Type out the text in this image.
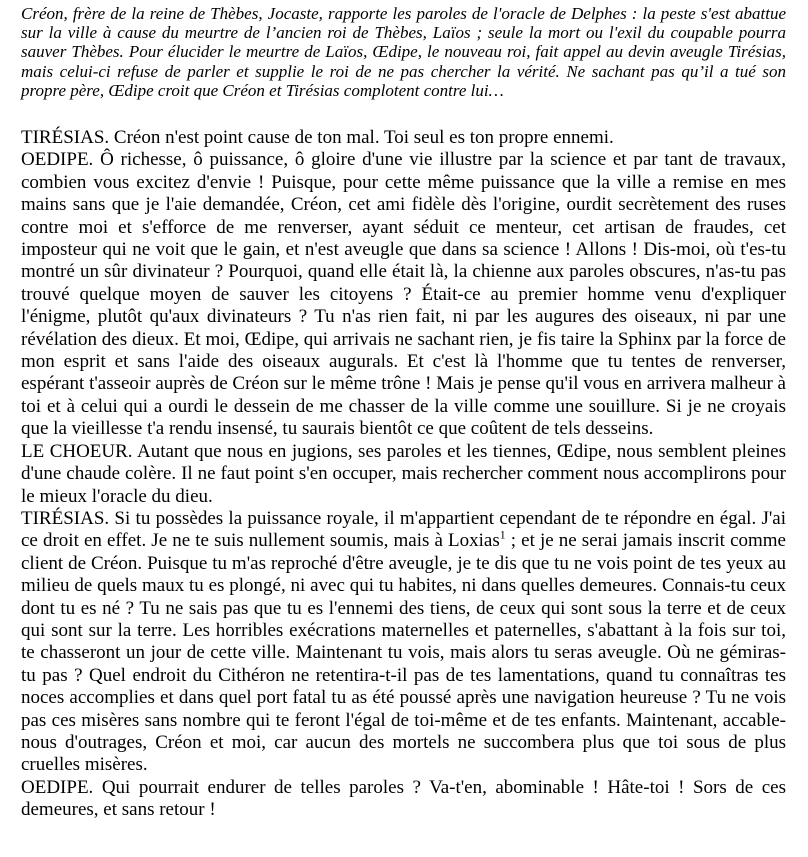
Créon, frère de la reine de Thèbes, Jocaste, rapporte les paroles de l'oracle de Delphes : la peste s'est abattue sur la ville à cause du meurtre de l’ancien roi de Thèbes, Laïos ; seule la mort ou l'exil du coupable pourra sauver Thèbes. Pour élucider le meurtre de Laïos, Œdipe, le nouveau roi, fait appel au devin aveugle Tirésias, mais celui-ci refuse de parler et supplie le roi de ne pas chercher la vérité. Ne sachant pas qu’il a tué son propre père, Œdipe croit que Créon et Tirésias complotent contre lui…

TIRÉSIAS. Créon n'est point cause de ton mal. Toi seul es ton propre ennemi.

OEDIPE. Ô richesse, ô puissance, ô gloire d'une vie illustre par la science et par tant de travaux, combien vous excitez d'envie ! Puisque, pour cette même puissance que la ville a remise en mes mains sans que je l'aie demandée, Créon, cet ami fidèle dès l'origine, ourdit secrètement des ruses contre moi et s'efforce de me renverser, ayant séduit ce menteur, cet artisan de fraudes, cet imposteur qui ne voit que le gain, et n'est aveugle que dans sa science ! Allons ! Dis-moi, où t'es-tu montré un sûr divinateur ? Pourquoi, quand elle était là, la chienne aux paroles obscures, n'as-tu pas trouvé quelque moyen de sauver les citoyens ? Était-ce au premier homme venu d'expliquer l'énigme, plutôt qu'aux divinateurs ? Tu n'as rien fait, ni par les augures des oiseaux, ni par une révélation des dieux. Et moi, Œdipe, qui arrivais ne sachant rien, je fis taire la Sphinx par la force de mon esprit et sans l'aide des oiseaux augurals. Et c'est là l'homme que tu tentes de renverser, espérant t'asseoir auprès de Créon sur le même trône ! Mais je pense qu'il vous en arrivera malheur à toi et à celui qui a ourdi le dessein de me chasser de la ville comme une souillure. Si je ne croyais que la vieillesse t'a rendu insensé, tu saurais bientôt ce que coûtent de tels desseins.

LE CHOEUR. Autant que nous en jugions, ses paroles et les tiennes, Œdipe, nous semblent pleines d'une chaude colère. Il ne faut point s'en occuper, mais rechercher comment nous accomplirons pour le mieux l'oracle du dieu.

TIRÉSIAS. Si tu possèdes la puissance royale, il m'appartient cependant de te répondre en égal. J'ai ce droit en effet. Je ne te suis nullement soumis, mais à Loxias$^1$ ; et je ne serai jamais inscrit comme client de Créon. Puisque tu m'as reproché d'être aveugle, je te dis que tu ne vois point de tes yeux au milieu de quels maux tu es plongé, ni avec qui tu habites, ni dans quelles demeures. Connais-tu ceux dont tu es né ? Tu ne sais pas que tu es l'ennemi des tiens, de ceux qui sont sous la terre et de ceux qui sont sur la terre. Les horribles exécrations maternelles et paternelles, s'abattant à la fois sur toi, te chasseront un jour de cette ville. Maintenant tu vois, mais alors tu seras aveugle. Où ne gémiras-tu pas ? Quel endroit du Cithéron ne retentira-t-il pas de tes lamentations, quand tu connaîtras tes noces accomplies et dans quel port fatal tu as été poussé après une navigation heureuse ? Tu ne vois pas ces misères sans nombre qui te feront l'égal de toi-même et de tes enfants. Maintenant, accable-nous d'outrages, Créon et moi, car aucun des mortels ne succombera plus que toi sous de plus cruelles misères.

OEDIPE. Qui pourrait endurer de telles paroles ? Va-t'en, abominable ! Hâte-toi ! Sors de ces demeures, et sans retour !
